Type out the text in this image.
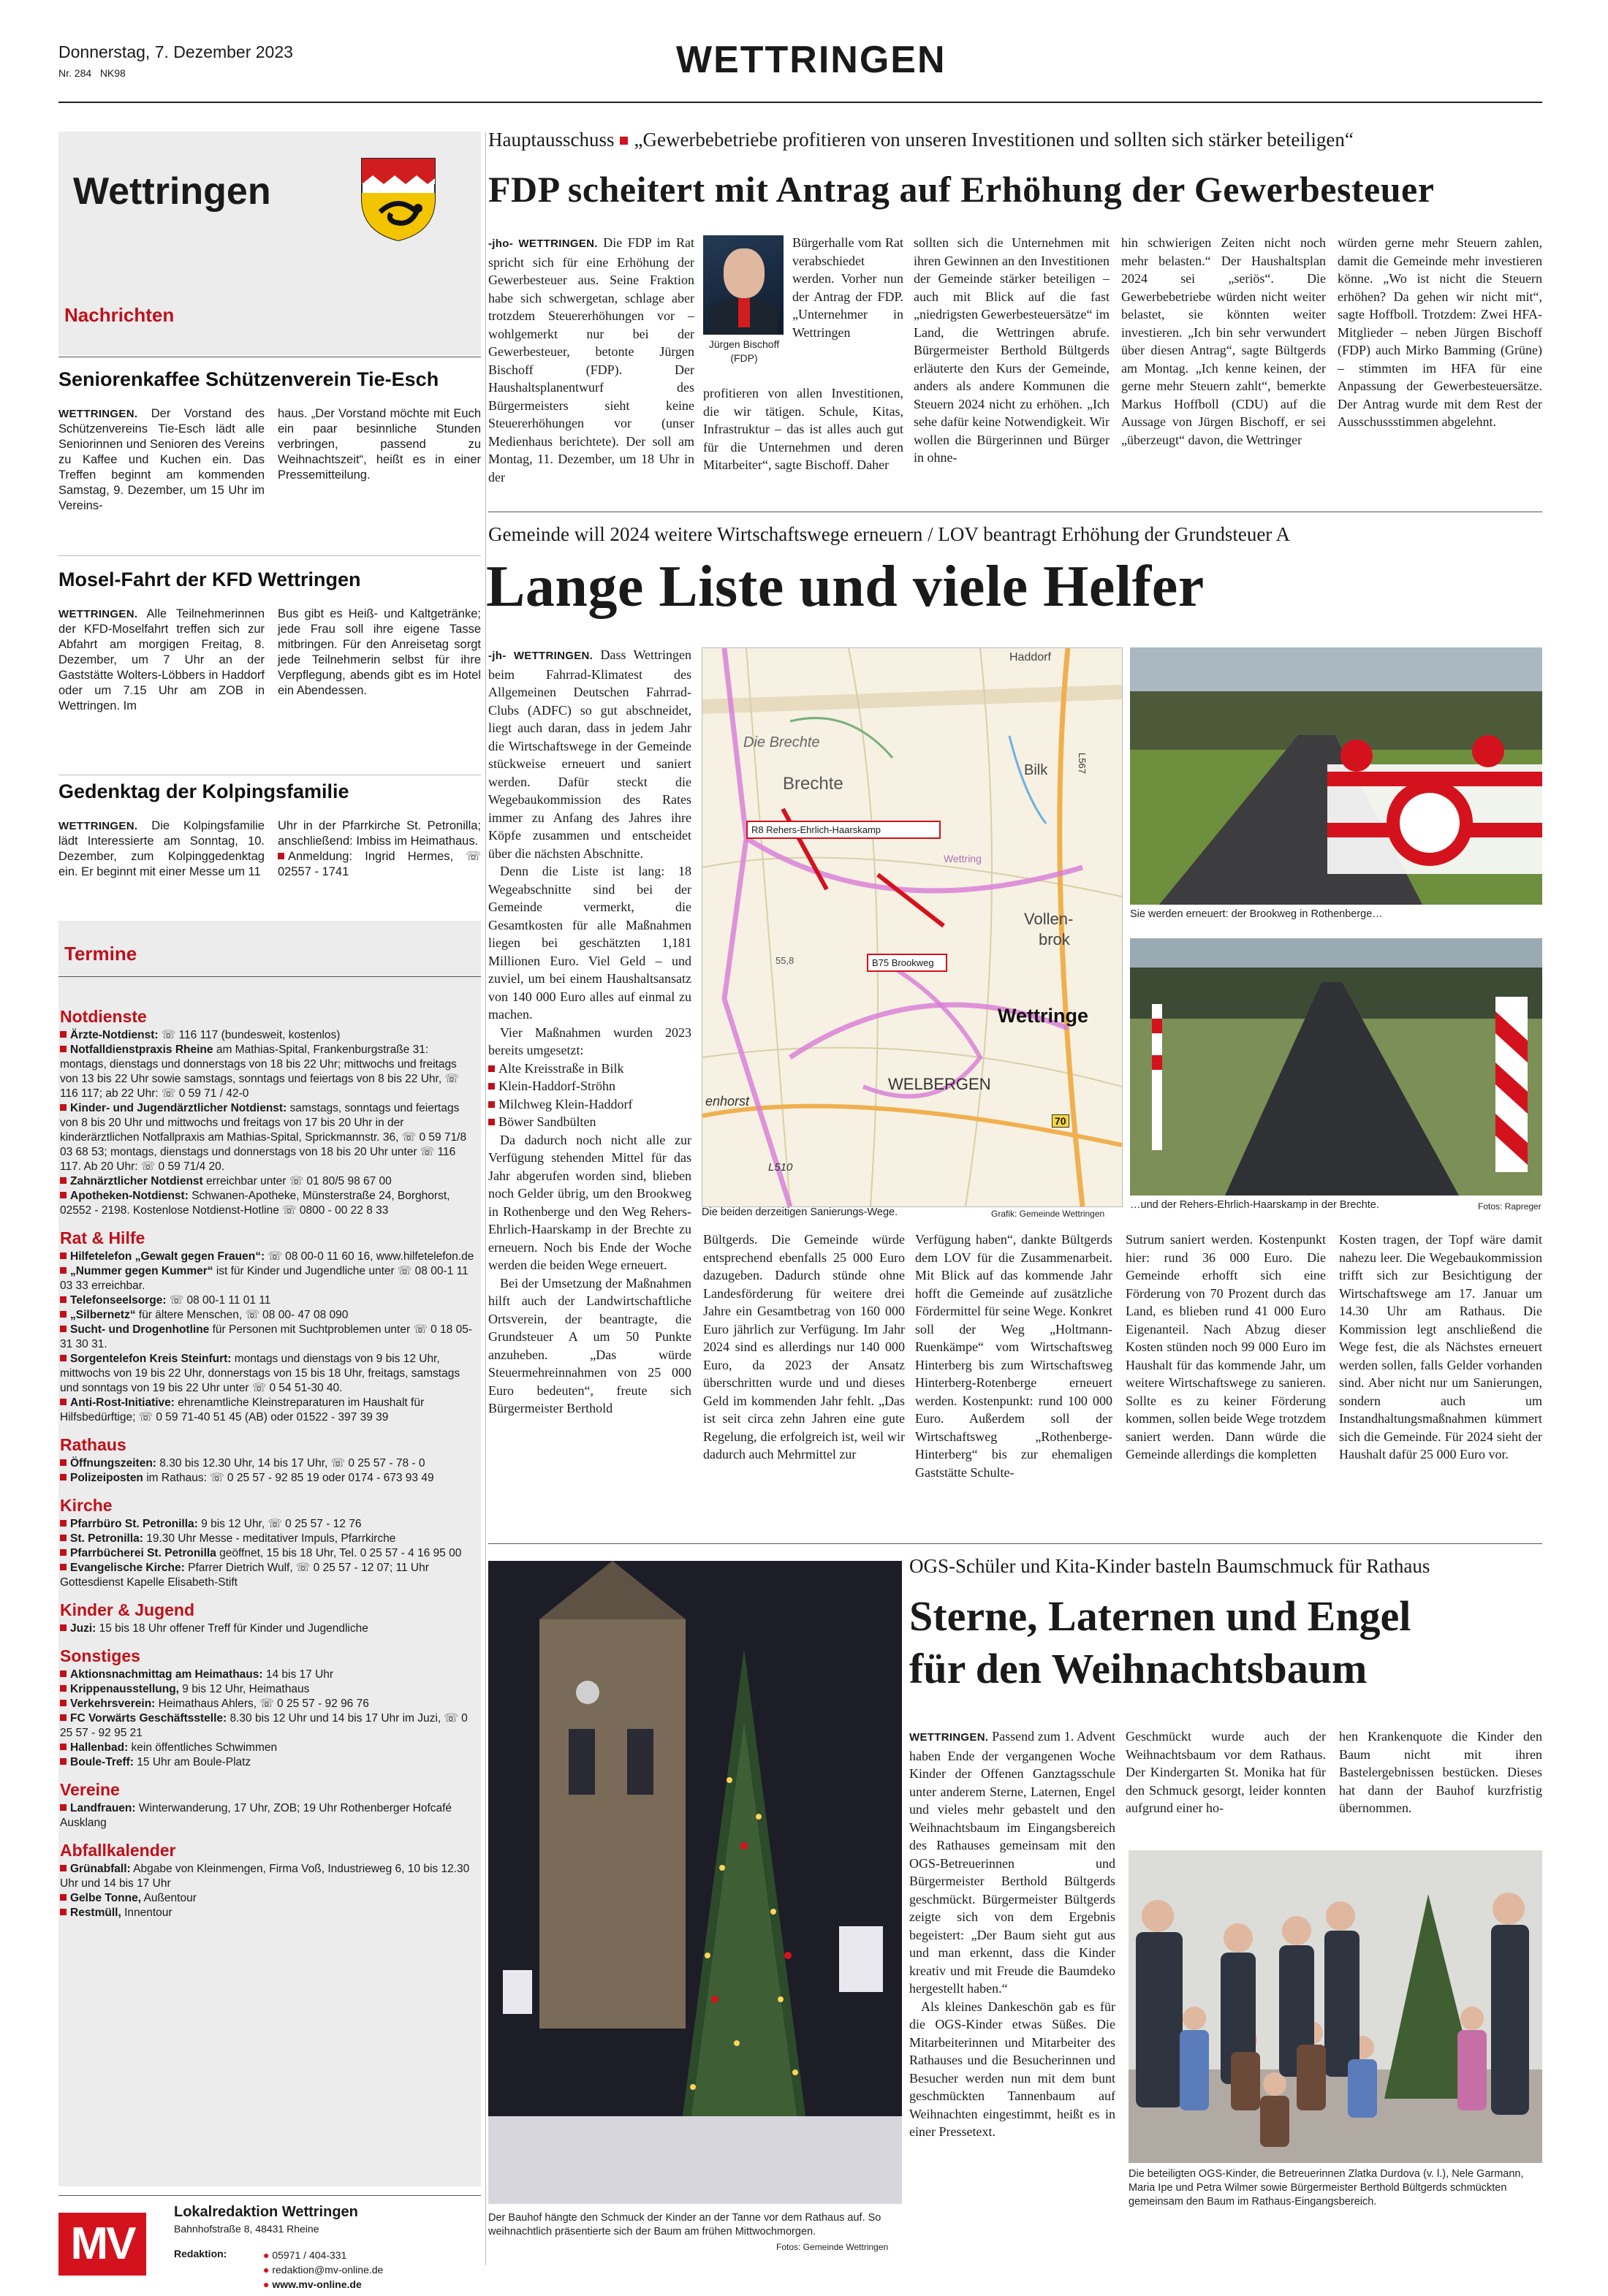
Donnerstag, 7. Dezember 2023
Nr. 284 NK98	WETTRINGEN
Wettringen
Nachrichten
Seniorenkaffee Schützenverein Tie-Esch
WETTRINGEN. Der Vorstand des Schützenvereins Tie-Esch lädt alle Seniorinnen und Senioren des Vereins zu Kaffee und Kuchen ein. Das Treffen beginnt am kommenden Samstag, 9. Dezember, um 15 Uhr im Vereins-
haus. „Der Vorstand möchte mit Euch ein paar besinnliche Stunden verbringen, passend zu Weihnachtszeit“, heißt es in einer Pressemitteilung.
Mosel-Fahrt der KFD Wettringen
WETTRINGEN. Alle Teilnehmerinnen der KFD-Moselfahrt treffen sich zur Abfahrt am morgigen Freitag, 8. Dezember, um 7 Uhr an der Gaststätte Wolters-Löbbers in Haddorf oder um 7.15 Uhr am ZOB in Wettringen. Im
Bus gibt es Heiß- und Kaltgetränke; jede Frau soll ihre eigene Tasse mitbringen. Für den Anreisetag sorgt jede Teilnehmerin selbst für ihre Verpflegung, abends gibt es im Hotel ein Abendessen.
Gedenktag der Kolpingsfamilie
WETTRINGEN. Die Kolpingsfamilie lädt Interessierte am Sonntag, 10. Dezember, zum Kolpinggedenktag ein. Er beginnt mit einer Messe um 11
Uhr in der Pfarrkirche St. Petronilla; anschließend: Imbiss im Heimathaus.
Anmeldung: Ingrid Hermes, ☏ 02557 - 1741
Termine
Notdienste

Ärzte-Notdienst: ☏ 116 117 (bundesweit, kostenlos)

Notfalldienstpraxis Rheine am Mathias-Spital, Frankenburgstraße 31: montags, dienstags und donnerstags von 18 bis 22 Uhr; mittwochs und freitags von 13 bis 22 Uhr sowie samstags, sonntags und feiertags von 8 bis 22 Uhr, ☏ 116 117; ab 22 Uhr: ☏ 0 59 71 / 42-0

Kinder- und Jugendärztlicher Notdienst: samstags, sonntags und feiertags von 8 bis 20 Uhr und mittwochs und freitags von 17 bis 20 Uhr in der kinderärztlichen Notfallpraxis am Mathias-Spital, Sprickmannstr. 36, ☏ 0 59 71/8 03 68 53; montags, dienstags und donnerstags von 18 bis 20 Uhr unter ☏ 116 117. Ab 20 Uhr: ☏ 0 59 71/4 20.

Zahnärztlicher Notdienst erreichbar unter ☏ 01 80/5 98 67 00

Apotheken-Notdienst: Schwanen-Apotheke, Münsterstraße 24, Borghorst, 02552 - 2198. Kostenlose Notdienst-Hotline ☏ 0800 - 00 22 8 33

Rat & Hilfe

Hilfetelefon „Gewalt gegen Frauen“: ☏ 08 00-0 11 60 16, www.hilfetelefon.de

„Nummer gegen Kummer“ ist für Kinder und Jugendliche unter ☏ 08 00-1 11 03 33 erreichbar.

Telefonseelsorge: ☏ 08 00-1 11 01 11

„Silbernetz“ für ältere Menschen, ☏ 08 00- 47 08 090

Sucht- und Drogenhotline für Personen mit Suchtproblemen unter ☏ 0 18 05-31 30 31.

Sorgentelefon Kreis Steinfurt: montags und dienstags von 9 bis 12 Uhr, mittwochs von 19 bis 22 Uhr, donnerstags von 15 bis 18 Uhr, freitags, samstags und sonntags von 19 bis 22 Uhr unter ☏ 0 54 51-30 40.

Anti-Rost-Initiative: ehrenamtliche Kleinstreparaturen im Haushalt für Hilfsbedürftige; ☏ 0 59 71-40 51 45 (AB) oder 01522 - 397 39 39

Rathaus

Öffnungszeiten: 8.30 bis 12.30 Uhr, 14 bis 17 Uhr, ☏ 0 25 57 - 78 - 0

Polizeiposten im Rathaus: ☏ 0 25 57 - 92 85 19 oder 0174 - 673 93 49

Kirche

Pfarrbüro St. Petronilla: 9 bis 12 Uhr, ☏ 0 25 57 - 12 76

St. Petronilla: 19.30 Uhr Messe - meditativer Impuls, Pfarrkirche

Pfarrbücherei St. Petronilla geöffnet, 15 bis 18 Uhr, Tel. 0 25 57 - 4 16 95 00

Evangelische Kirche: Pfarrer Dietrich Wulf, ☏ 0 25 57 - 12 07; 11 Uhr Gottesdienst Kapelle Elisabeth-Stift

Kinder & Jugend

Juzi: 15 bis 18 Uhr offener Treff für Kinder und Jugendliche

Sonstiges

Aktionsnachmittag am Heimathaus: 14 bis 17 Uhr

Krippenausstellung, 9 bis 12 Uhr, Heimathaus

Verkehrsverein: Heimathaus Ahlers, ☏ 0 25 57 - 92 96 76

FC Vorwärts Geschäftsstelle: 8.30 bis 12 Uhr und 14 bis 17 Uhr im Juzi, ☏ 0 25 57 - 92 95 21

Hallenbad: kein öffentliches Schwimmen

Boule-Treff: 15 Uhr am Boule-Platz

Vereine

Landfrauen: Winterwanderung, 17 Uhr, ZOB; 19 Uhr Rothenberger Hofcafé Ausklang

Abfallkalender

Grünabfall: Abgabe von Kleinmengen, Firma Voß, Industrieweg 6, 10 bis 12.30 Uhr und 14 bis 17 Uhr

Gelbe Tonne, Außentour

Restmüll, Innentour

MV
Lokalredaktion Wettringen
Bahnhofstraße 8, 48431 Rheine
Redaktion:	● 05971 / 404-331
● redaktion@mv-online.de
● www.mv-online.de
Hauptausschuss „Gewerbebetriebe profitieren von unseren Investitionen und sollten sich stärker beteiligen“
FDP scheitert mit Antrag auf Erhöhung der Gewerbesteuer
-jho- WETTRINGEN. Die FDP im Rat spricht sich für eine Erhöhung der Gewerbesteuer aus. Seine Fraktion habe sich schwergetan, schlage aber trotzdem Steuererhöhungen vor – wohlgemerkt nur bei der Gewerbesteuer, betonte Jürgen Bischoff (FDP). Der Haushaltsplanentwurf des Bürgermeisters sieht keine Steuererhöhungen vor (unser Medienhaus berichtete). Der soll am Montag, 11. Dezember, um 18 Uhr in der
Jürgen Bischoff (FDP)
Bürgerhalle vom Rat verabschiedet werden. Vorher nun der Antrag der FDP. „Unternehmer in Wettringen
profitieren von allen Investitionen, die wir tätigen. Schule, Kitas, Infrastruktur – das ist alles auch gut für die Unternehmen und deren Mitarbeiter“, sagte Bischoff. Daher
sollten sich die Unternehmen mit ihren Gewinnen an den Investitionen der Gemeinde stärker beteiligen – auch mit Blick auf die fast „niedrigsten Gewerbesteuersätze“ im Land, die Wettringen abrufe. Bürgermeister Berthold Bültgerds erläuterte den Kurs der Gemeinde, anders als andere Kommunen die Steuern 2024 nicht zu erhöhen. „Ich sehe dafür keine Notwendigkeit. Wir wollen die Bürgerinnen und Bürger in ohne-
hin schwierigen Zeiten nicht noch mehr belasten.“ Der Haushaltsplan 2024 sei „seriös“. Die Gewerbebetriebe würden nicht weiter belastet, sie könnten weiter investieren. „Ich bin sehr verwundert über diesen Antrag“, sagte Bültgerds am Montag. „Ich kenne keinen, der gerne mehr Steuern zahlt“, bemerkte Markus Hoffboll (CDU) auf die Aussage von Jürgen Bischoff, er sei „überzeugt“ davon, die Wettringer
würden gerne mehr Steuern zahlen, damit die Gemeinde mehr investieren könne. „Wo ist nicht die Steuern erhöhen? Da gehen wir nicht mit“, sagte Hoffboll. Trotzdem: Zwei HFA-Mitglieder – neben Jürgen Bischoff (FDP) auch Mirko Bamming (Grüne) – stimmten im HFA für eine Anpassung der Gewerbesteuersätze. Der Antrag wurde mit dem Rest der Ausschussstimmen abgelehnt.
Gemeinde will 2024 weitere Wirtschaftswege erneuern / LOV beantragt Erhöhung der Grundsteuer A
Lange Liste und viele Helfer

-jh- WETTRINGEN. Dass Wettringen beim Fahrrad-Klimatest des Allgemeinen Deutschen Fahrrad-Clubs (ADFC) so gut abschneidet, liegt auch daran, dass in jedem Jahr die Wirtschaftswege in der Gemeinde stückweise erneuert und saniert werden. Dafür steckt die Wegebaukommission des Rates immer zu Anfang des Jahres ihre Köpfe zusammen und entscheidet über die nächsten Abschnitte.

Denn die Liste ist lang: 18 Wegeabschnitte sind bei der Gemeinde vermerkt, die Gesamtkosten für alle Maßnahmen liegen bei geschätzten 1,181 Millionen Euro. Viel Geld – und zuviel, um bei einem Haushaltsansatz von 140 000 Euro alles auf einmal zu machen.

Vier Maßnahmen wurden 2023 bereits umgesetzt:

Alte Kreisstraße in Bilk
Klein-Haddorf-Ströhn
Milchweg Klein-Haddorf
Böwer Sandbülten

Da dadurch noch nicht alle zur Verfügung stehenden Mittel für das Jahr abgerufen worden sind, blieben noch Gelder übrig, um den Brookweg in Rothenberge und den Weg Rehers-Ehrlich-Haarskamp in der Brechte zu erneuern. Noch bis Ende der Woche werden die beiden Wege erneuert.

Bei der Umsetzung der Maßnahmen hilft auch der Landwirtschaftliche Ortsverein, der beantragte, die Grundsteuer A um 50 Punkte anzuheben. „Das würde Steuermehreinnahmen von 25 000 Euro bedeuten“, freute sich Bürgermeister Berthold

Die Brechte
Brechte
Haddorf
Bilk
Vollen-
brok
Wettringe
WELBERGEN
enhorst
Wettring
L510
L567
70
55,8
R8 Rehers-Ehrlich-Haarskamp
B75 Brookweg
Die beiden derzeitigen Sanierungs-Wege.	Grafik: Gemeinde Wettringen
Sie werden erneuert: der Brookweg in Rothenberge…
…und der Rehers-Ehrlich-Haarskamp in der Brechte.	Fotos: Rapreger
Bültgerds. Die Gemeinde würde entsprechend ebenfalls 25 000 Euro dazugeben. Dadurch stünde ohne Landesförderung für weitere drei Jahre ein Gesamtbetrag von 160 000 Euro jährlich zur Verfügung. Im Jahr 2024 sind es allerdings nur 140 000 Euro, da 2023 der Ansatz überschritten wurde und und dieses Geld im kommenden Jahr fehlt. „Das ist seit circa zehn Jahren eine gute Regelung, die erfolgreich ist, weil wir dadurch auch Mehrmittel zur
Verfügung haben“, dankte Bültgerds dem LOV für die Zusammenarbeit. Mit Blick auf das kommende Jahr hofft die Gemeinde auf zusätzliche Fördermittel für seine Wege. Konkret soll der Weg „Holtmann-Ruenkämpe“ vom Wirtschaftsweg Hinterberg bis zum Wirtschaftsweg Hinterberg-Rotenberge erneuert werden. Kostenpunkt: rund 100 000 Euro. Außerdem soll der Wirtschaftsweg „Rothenberge-Hinterberg“ bis zur ehemaligen Gaststätte Schulte-
Sutrum saniert werden. Kostenpunkt hier: rund 36 000 Euro. Die Gemeinde erhofft sich eine Förderung von 70 Prozent durch das Land, es blieben rund 41 000 Euro Eigenanteil. Nach Abzug dieser Kosten stünden noch 99 000 Euro im Haushalt für das kommende Jahr, um weitere Wirtschaftswege zu sanieren. Sollte es zu keiner Förderung kommen, sollen beide Wege trotzdem saniert werden. Dann würde die Gemeinde allerdings die kompletten
Kosten tragen, der Topf wäre damit nahezu leer. Die Wegebaukommission trifft sich zur Besichtigung der Wirtschaftswege am 17. Januar um 14.30 Uhr am Rathaus. Die Kommission legt anschließend die Wege fest, die als Nächstes erneuert werden sollen, falls Gelder vorhanden sind. Aber nicht nur um Sanierungen, sondern auch um Instandhaltungsmaßnahmen kümmert sich die Gemeinde. Für 2024 sieht der Haushalt dafür 25 000 Euro vor.
Der Bauhof hängte den Schmuck der Kinder an der Tanne vor dem Rathaus auf. So weihnachtlich präsentierte sich der Baum am frühen Mittwochmorgen.
Fotos: Gemeinde Wettringen
OGS-Schüler und Kita-Kinder basteln Baumschmuck für Rathaus
Sterne, Laternen und Engel
für den Weihnachtsbaum

WETTRINGEN. Passend zum 1. Advent haben Ende der vergangenen Woche Kinder der Offenen Ganztagsschule unter anderem Sterne, Laternen, Engel und vieles mehr gebastelt und den Weihnachtsbaum im Eingangsbereich des Rathauses gemeinsam mit den OGS-Betreuerinnen und Bürgermeister Berthold Bültgerds geschmückt. Bürgermeister Bültgerds zeigte sich von dem Ergebnis begeistert: „Der Baum sieht gut aus und man erkennt, dass die Kinder kreativ und mit Freude die Baumdeko hergestellt haben.“

Als kleines Dankeschön gab es für die OGS-Kinder etwas Süßes. Die Mitarbeiterinnen und Mitarbeiter des Rathauses und die Besucherinnen und Besucher werden nun mit dem bunt geschmückten Tannenbaum auf Weihnachten eingestimmt, heißt es in einer Pressetext.

Geschmückt wurde auch der Weihnachtsbaum vor dem Rathaus. Der Kindergarten St. Monika hat für den Schmuck gesorgt, leider konnten aufgrund einer ho-
hen Krankenquote die Kinder den Baum nicht mit ihren Bastelergebnissen bestücken. Dieses hat dann der Bauhof kurzfristig übernommen.
Die beteiligten OGS-Kinder, die Betreuerinnen Zlatka Durdova (v. l.), Nele Garmann, Maria Ipe und Petra Wilmer sowie Bürgermeister Berthold Bültgerds schmückten gemeinsam den Baum im Rathaus-Eingangsbereich.
